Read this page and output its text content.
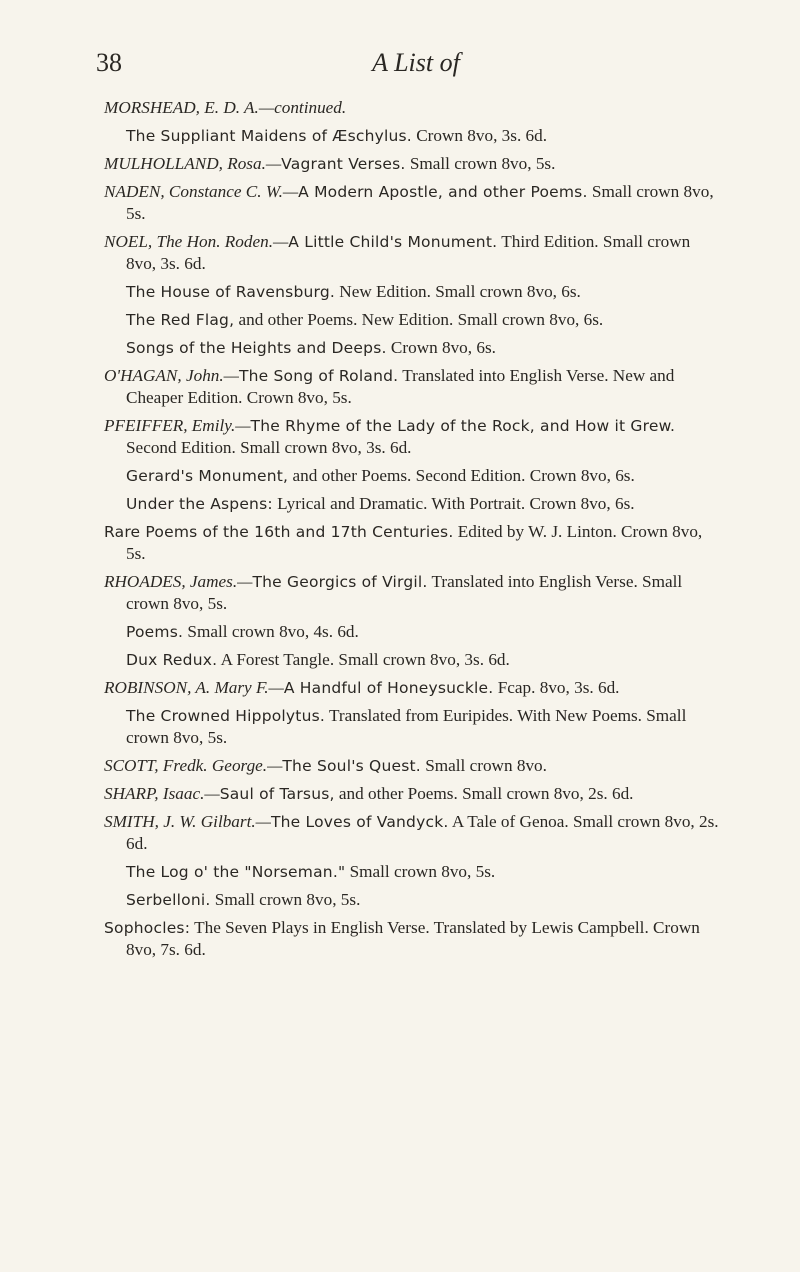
38	A List of

MORSHEAD, E. D. A.—continued.

The Suppliant Maidens of Æschylus. Crown 8vo, 3s. 6d.

MULHOLLAND, Rosa.—Vagrant Verses. Small crown 8vo, 5s.

NADEN, Constance C. W.—A Modern Apostle, and other Poems. Small crown 8vo, 5s.

NOEL, The Hon. Roden.—A Little Child's Monument. Third Edition. Small crown 8vo, 3s. 6d.

The House of Ravensburg. New Edition. Small crown 8vo, 6s.

The Red Flag, and other Poems. New Edition. Small crown 8vo, 6s.

Songs of the Heights and Deeps. Crown 8vo, 6s.

O'HAGAN, John.—The Song of Roland. Translated into English Verse. New and Cheaper Edition. Crown 8vo, 5s.

PFEIFFER, Emily.—The Rhyme of the Lady of the Rock, and How it Grew. Second Edition. Small crown 8vo, 3s. 6d.

Gerard's Monument, and other Poems. Second Edition. Crown 8vo, 6s.

Under the Aspens: Lyrical and Dramatic. With Portrait. Crown 8vo, 6s.

Rare Poems of the 16th and 17th Centuries. Edited by W. J. Linton. Crown 8vo, 5s.

RHOADES, James.—The Georgics of Virgil. Translated into English Verse. Small crown 8vo, 5s.

Poems. Small crown 8vo, 4s. 6d.

Dux Redux. A Forest Tangle. Small crown 8vo, 3s. 6d.

ROBINSON, A. Mary F.—A Handful of Honeysuckle. Fcap. 8vo, 3s. 6d.

The Crowned Hippolytus. Translated from Euripides. With New Poems. Small crown 8vo, 5s.

SCOTT, Fredk. George.—The Soul's Quest. Small crown 8vo.

SHARP, Isaac.—Saul of Tarsus, and other Poems. Small crown 8vo, 2s. 6d.

SMITH, J. W. Gilbart.—The Loves of Vandyck. A Tale of Genoa. Small crown 8vo, 2s. 6d.

The Log o' the "Norseman." Small crown 8vo, 5s.

Serbelloni. Small crown 8vo, 5s.

Sophocles: The Seven Plays in English Verse. Translated by Lewis Campbell. Crown 8vo, 7s. 6d.
